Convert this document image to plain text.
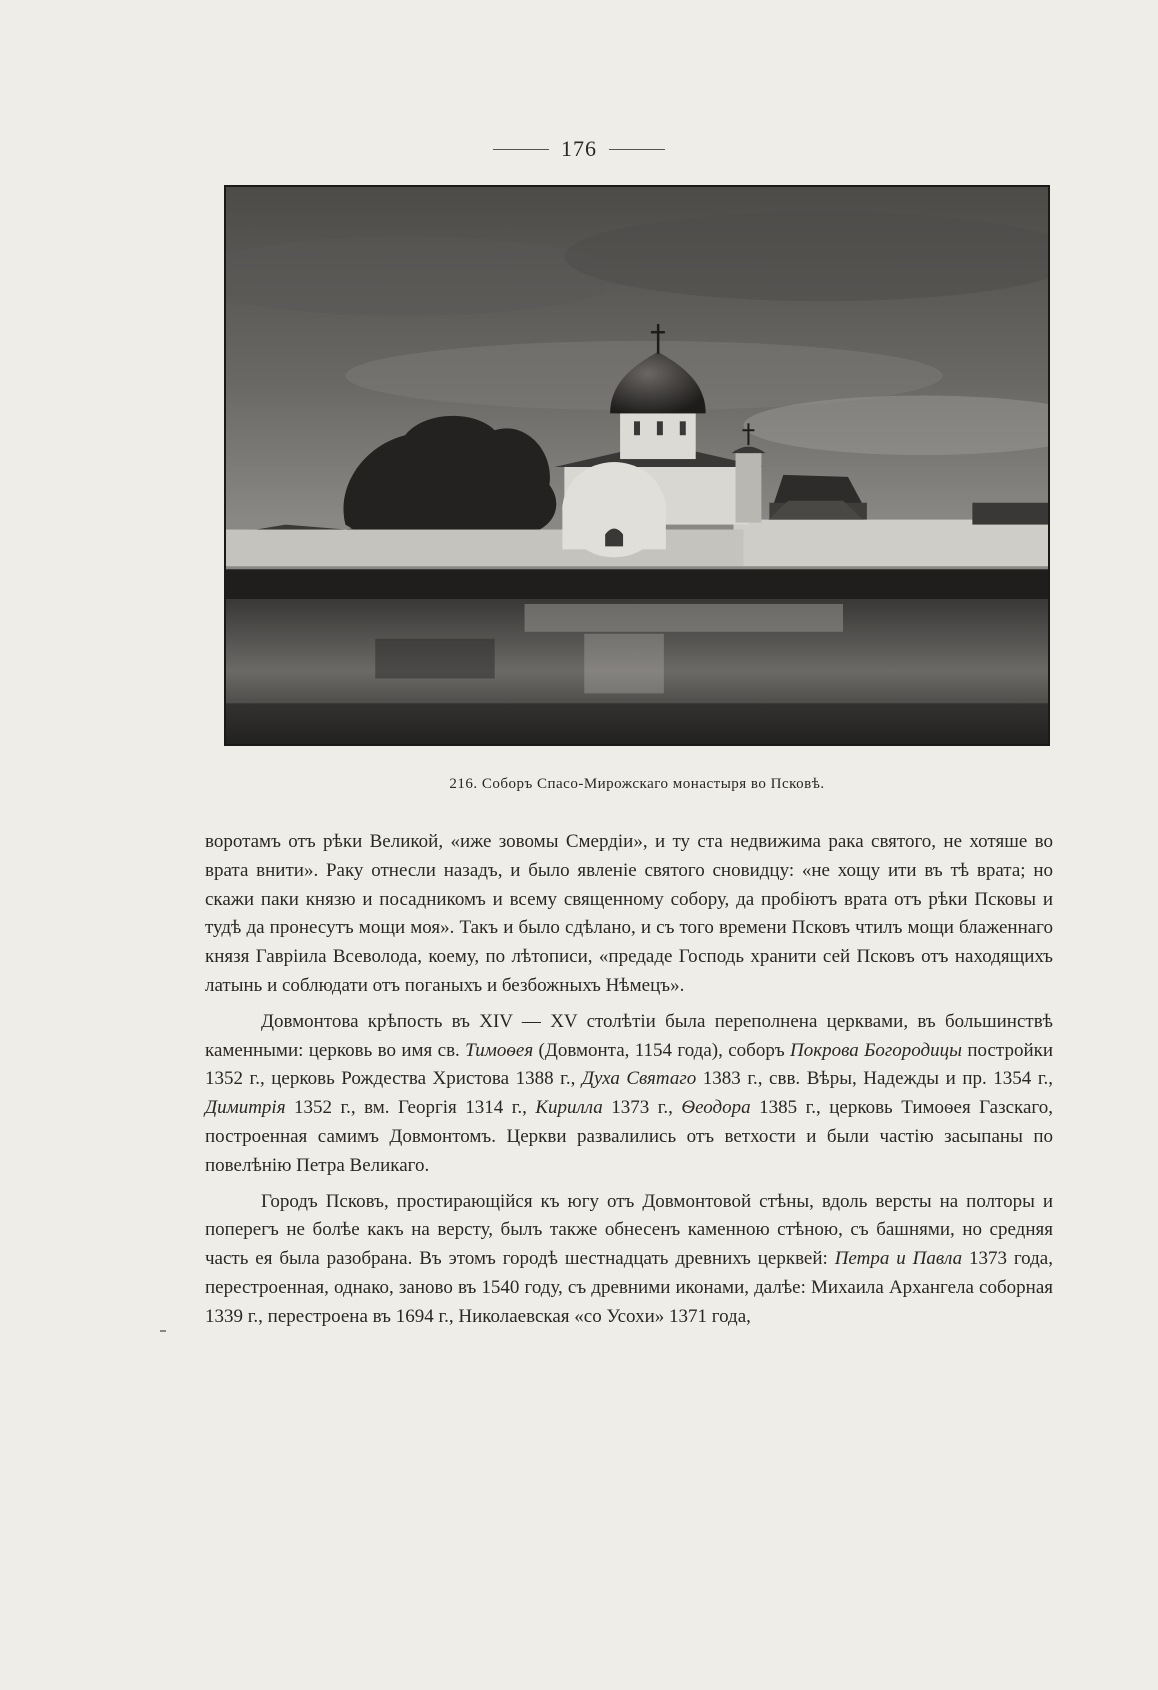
176
216. Соборъ Спасо-Мирожскаго монастыря во Псковѣ.

воротамъ отъ рѣки Великой, «иже зовомы Смердіи», и ту ста недвижима рака святого, не хотяше во врата внити». Раку отнесли назадъ, и было явленіе святого сновидцу: «не хощу ити въ тѣ врата; но скажи паки князю и посадникомъ и всему священному собору, да пробіютъ врата отъ рѣки Псковы и тудѣ да пронесутъ мощи моя». Такъ и было сдѣлано, и съ того времени Псковъ чтилъ мощи блаженнаго князя Гавріила Всеволода, коему, по лѣтописи, «предаде Господь хранити сей Псковъ отъ находящихъ латынь и соблюдати отъ поганыхъ и безбожныхъ Нѣмецъ».

Довмонтова крѣпость въ XIV — XV столѣтіи была переполнена церквами, въ большинствѣ каменными: церковь во имя св. Тимоѳея (Довмонта, 1154 года), соборъ Покрова Богородицы постройки 1352 г., церковь Рождества Христова 1388 г., Духа Святаго 1383 г., свв. Вѣры, Надежды и пр. 1354 г., Димитрія 1352 г., вм. Георгія 1314 г., Кирилла 1373 г., Ѳеодора 1385 г., церковь Тимоѳея Газскаго, построенная самимъ Довмонтомъ. Церкви развалились отъ ветхости и были частію засыпаны по повелѣнію Петра Великаго.

Городъ Псковъ, простирающійся къ югу отъ Довмонтовой стѣны, вдоль версты на полторы и поперегъ не болѣе какъ на версту, былъ также обнесенъ каменною стѣною, съ башнями, но средняя часть ея была разобрана. Въ этомъ городѣ шестнадцать древнихъ церквей: Петра и Павла 1373 года, перестроенная, однако, заново въ 1540 году, съ древними иконами, далѣе: Михаила Архангела соборная 1339 г., перестроена въ 1694 г., Николаевская «со Усохи» 1371 года,
